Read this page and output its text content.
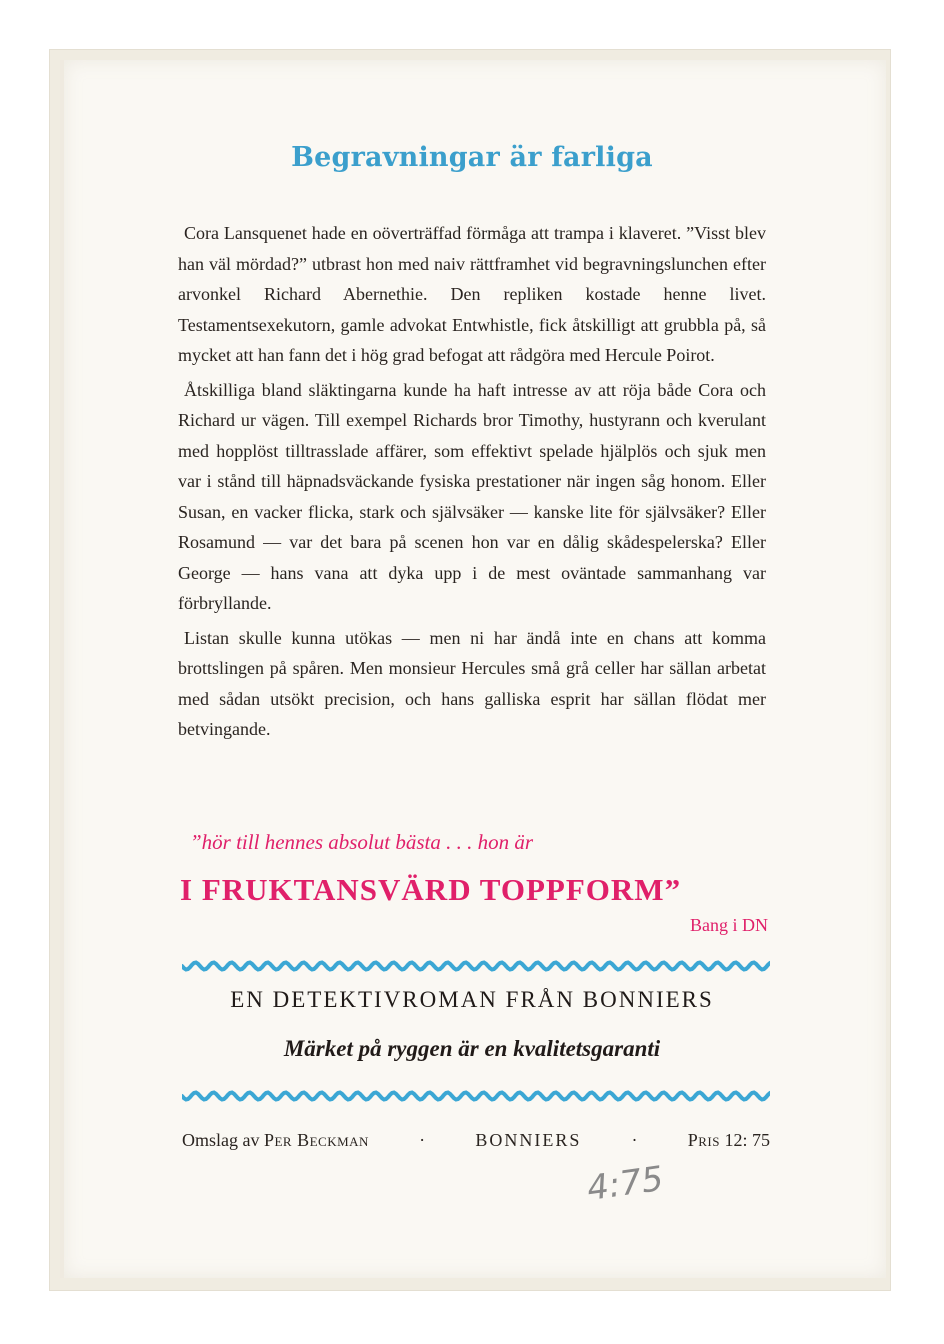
Begravningar är farliga

Cora Lansquenet hade en oöverträffad förmåga att trampa i klaveret. ”Visst blev han väl mördad?” utbrast hon med naiv rättframhet vid begravningslunchen efter arvonkel Richard Abernethie. Den repliken kostade henne livet. Testamentsexekutorn, gamle advokat Entwhistle, fick åtskilligt att grubbla på, så mycket att han fann det i hög grad befogat att rådgöra med Hercule Poirot.

Åtskilliga bland släktingarna kunde ha haft intresse av att röja både Cora och Richard ur vägen. Till exempel Richards bror Timothy, hustyrann och kverulant med hopplöst tilltrasslade affärer, som effektivt spelade hjälplös och sjuk men var i stånd till häpnadsväckande fysiska prestationer när ingen såg honom. Eller Susan, en vacker flicka, stark och självsäker — kanske lite för självsäker? Eller Rosamund — var det bara på scenen hon var en dålig skådespelerska? Eller George — hans vana att dyka upp i de mest oväntade sammanhang var förbryllande.

Listan skulle kunna utökas — men ni har ändå inte en chans att komma brottslingen på spåren. Men monsieur Hercules små grå celler har sällan arbetat med sådan utsökt precision, och hans galliska esprit har sällan flödat mer betvingande.

”hör till hennes absolut bästa . . . hon är
I FRUKTANSVÄRD TOPPFORM”
Bang i DN
EN DETEKTIVROMAN FRÅN BONNIERS
Märket på ryggen är en kvalitetsgaranti
Omslag av Per Beckman	·	BONNIERS	·	Pris 12: 75
4:75
